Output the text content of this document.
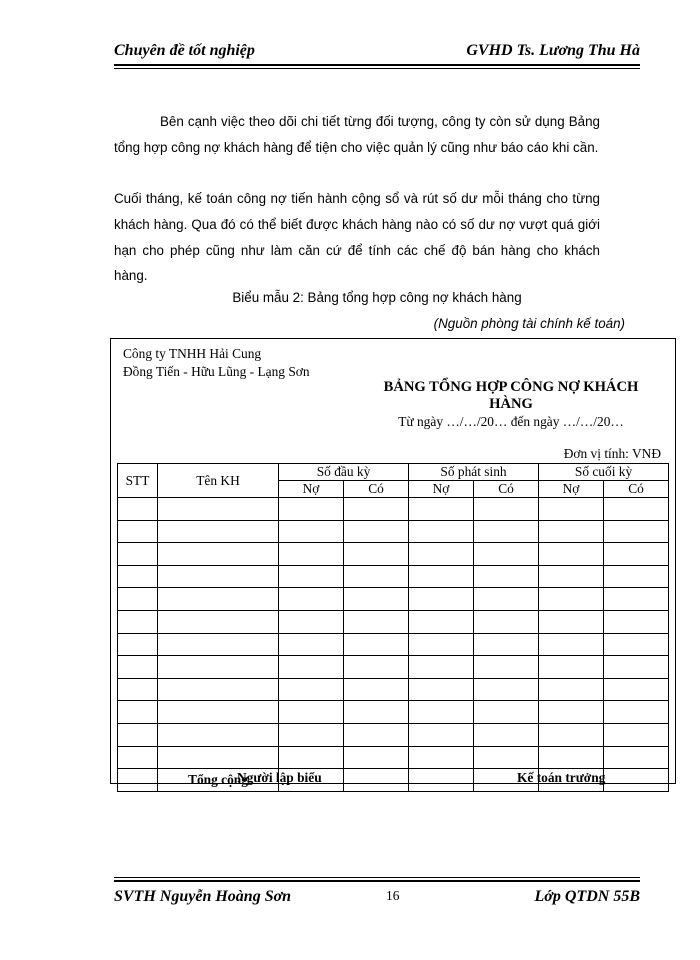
Chuyên đề tốt nghiệp	GVHD Ts. Lương Thu Hà
Bên cạnh việc theo dõi chi tiết từng đối tượng, công ty còn sử dụng Bảng tổng hợp công nợ khách hàng để tiện cho việc quản lý cũng như báo cáo khi cần.
Cuối tháng, kế toán công nợ tiến hành cộng sổ và rút số dư mỗi tháng cho từng khách hàng. Qua đó có thể biết được khách hàng nào có số dư nợ vượt quá giới hạn cho phép cũng như làm căn cứ để tính các chế độ bán hàng cho khách hàng.
Biểu mẫu 2: Bảng tổng hợp công nợ khách hàng
(Nguồn phòng tài chính kế toán)
Công ty TNHH Hải Cung
Đồng Tiến - Hữu Lũng - Lạng Sơn
BẢNG TỔNG HỢP CÔNG NỢ KHÁCH HÀNG
Từ ngày …/…/20… đến ngày …/…/20…
Đơn vị tính: VNĐ
STT	Tên KH	Số đầu kỳ		Số phát sinh		Số cuối kỳ	
		Nợ	Có	Nợ	Có	Nợ	Có

	Tổng cộng						
Người lập biểu	Kế toán trưởng
SVTH Nguyễn Hoàng Sơn	16	Lớp QTDN 55B
